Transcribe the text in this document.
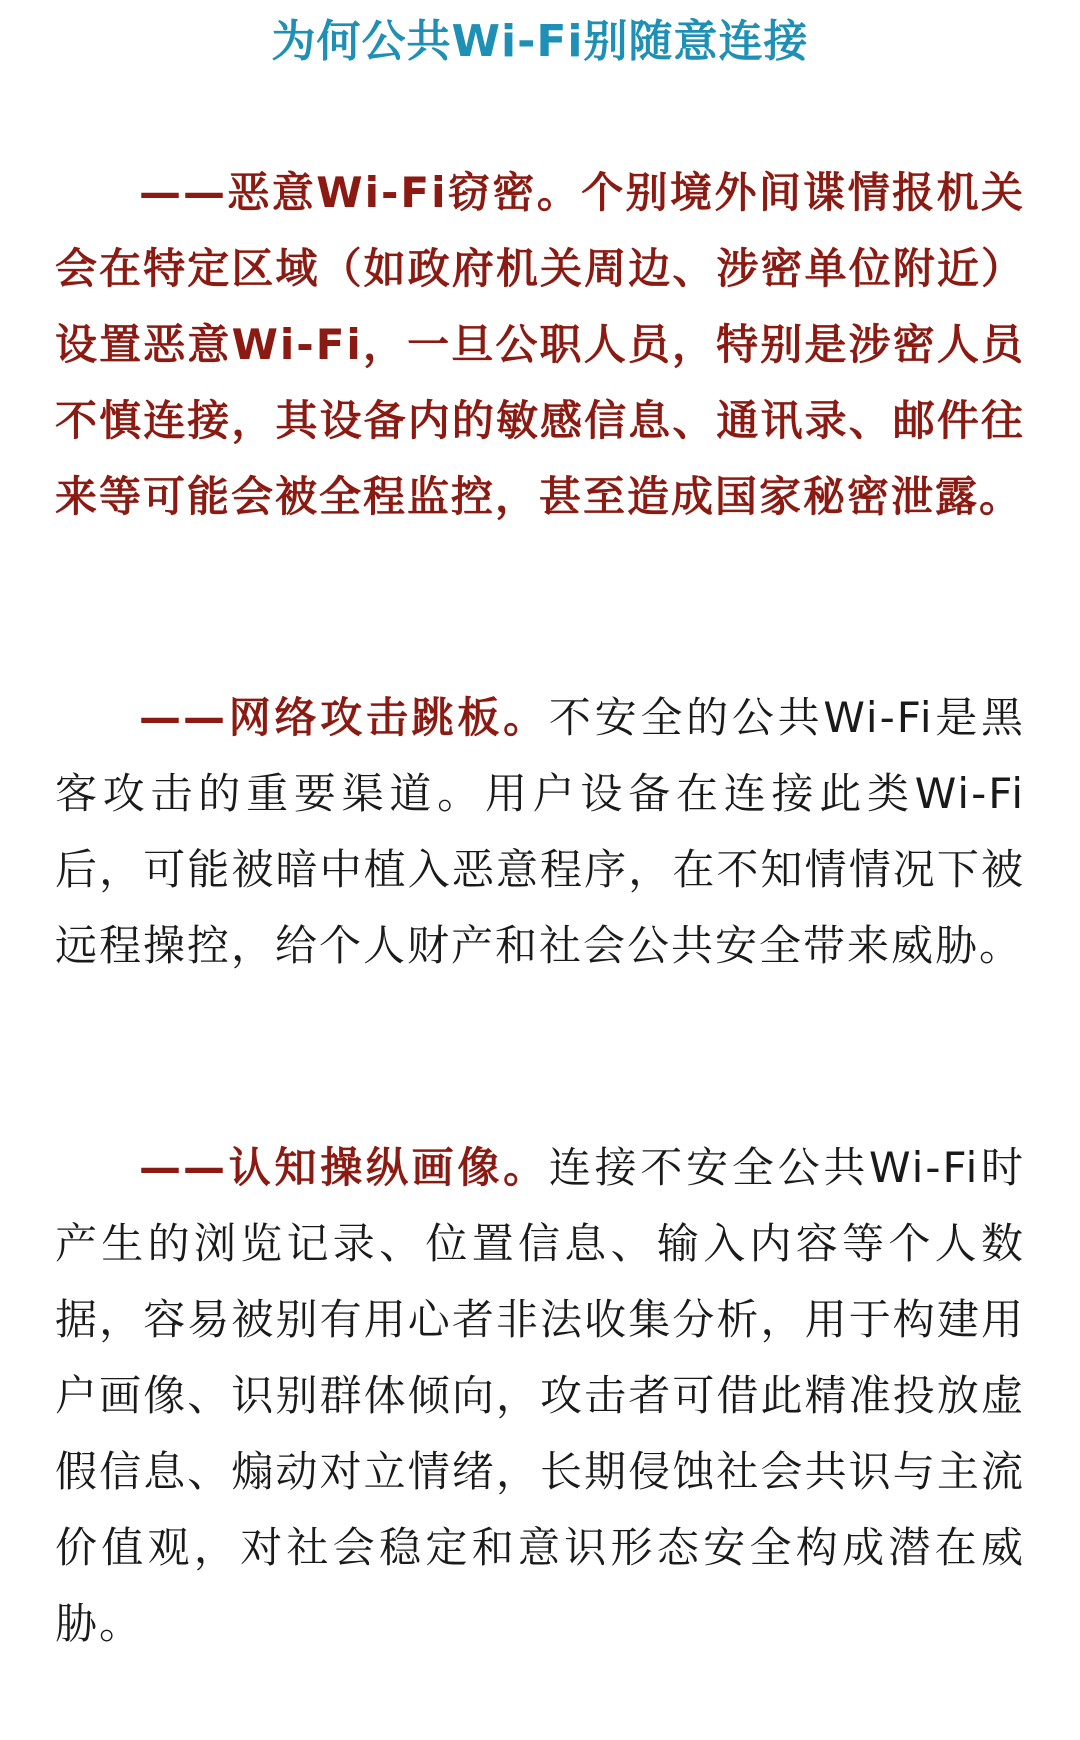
为何公共Wi-Fi别随意连接

——恶意Wi-Fi窃密。个别境外间谍情报机关会在特定区域（如政府机关周边、涉密单位附近）设置恶意Wi-Fi，一旦公职人员，特别是涉密人员不慎连接，其设备内的敏感信息、通讯录、邮件往来等可能会被全程监控，甚至造成国家秘密泄露。

——网络攻击跳板。不安全的公共Wi-Fi是黑客攻击的重要渠道。用户设备在连接此类Wi-Fi后，可能被暗中植入恶意程序，在不知情情况下被远程操控，给个人财产和社会公共安全带来威胁。

——认知操纵画像。连接不安全公共Wi-Fi时产生的浏览记录、位置信息、输入内容等个人数据，容易被别有用心者非法收集分析，用于构建用户画像、识别群体倾向，攻击者可借此精准投放虚假信息、煽动对立情绪，长期侵蚀社会共识与主流价值观，对社会稳定和意识形态安全构成潜在威胁。
